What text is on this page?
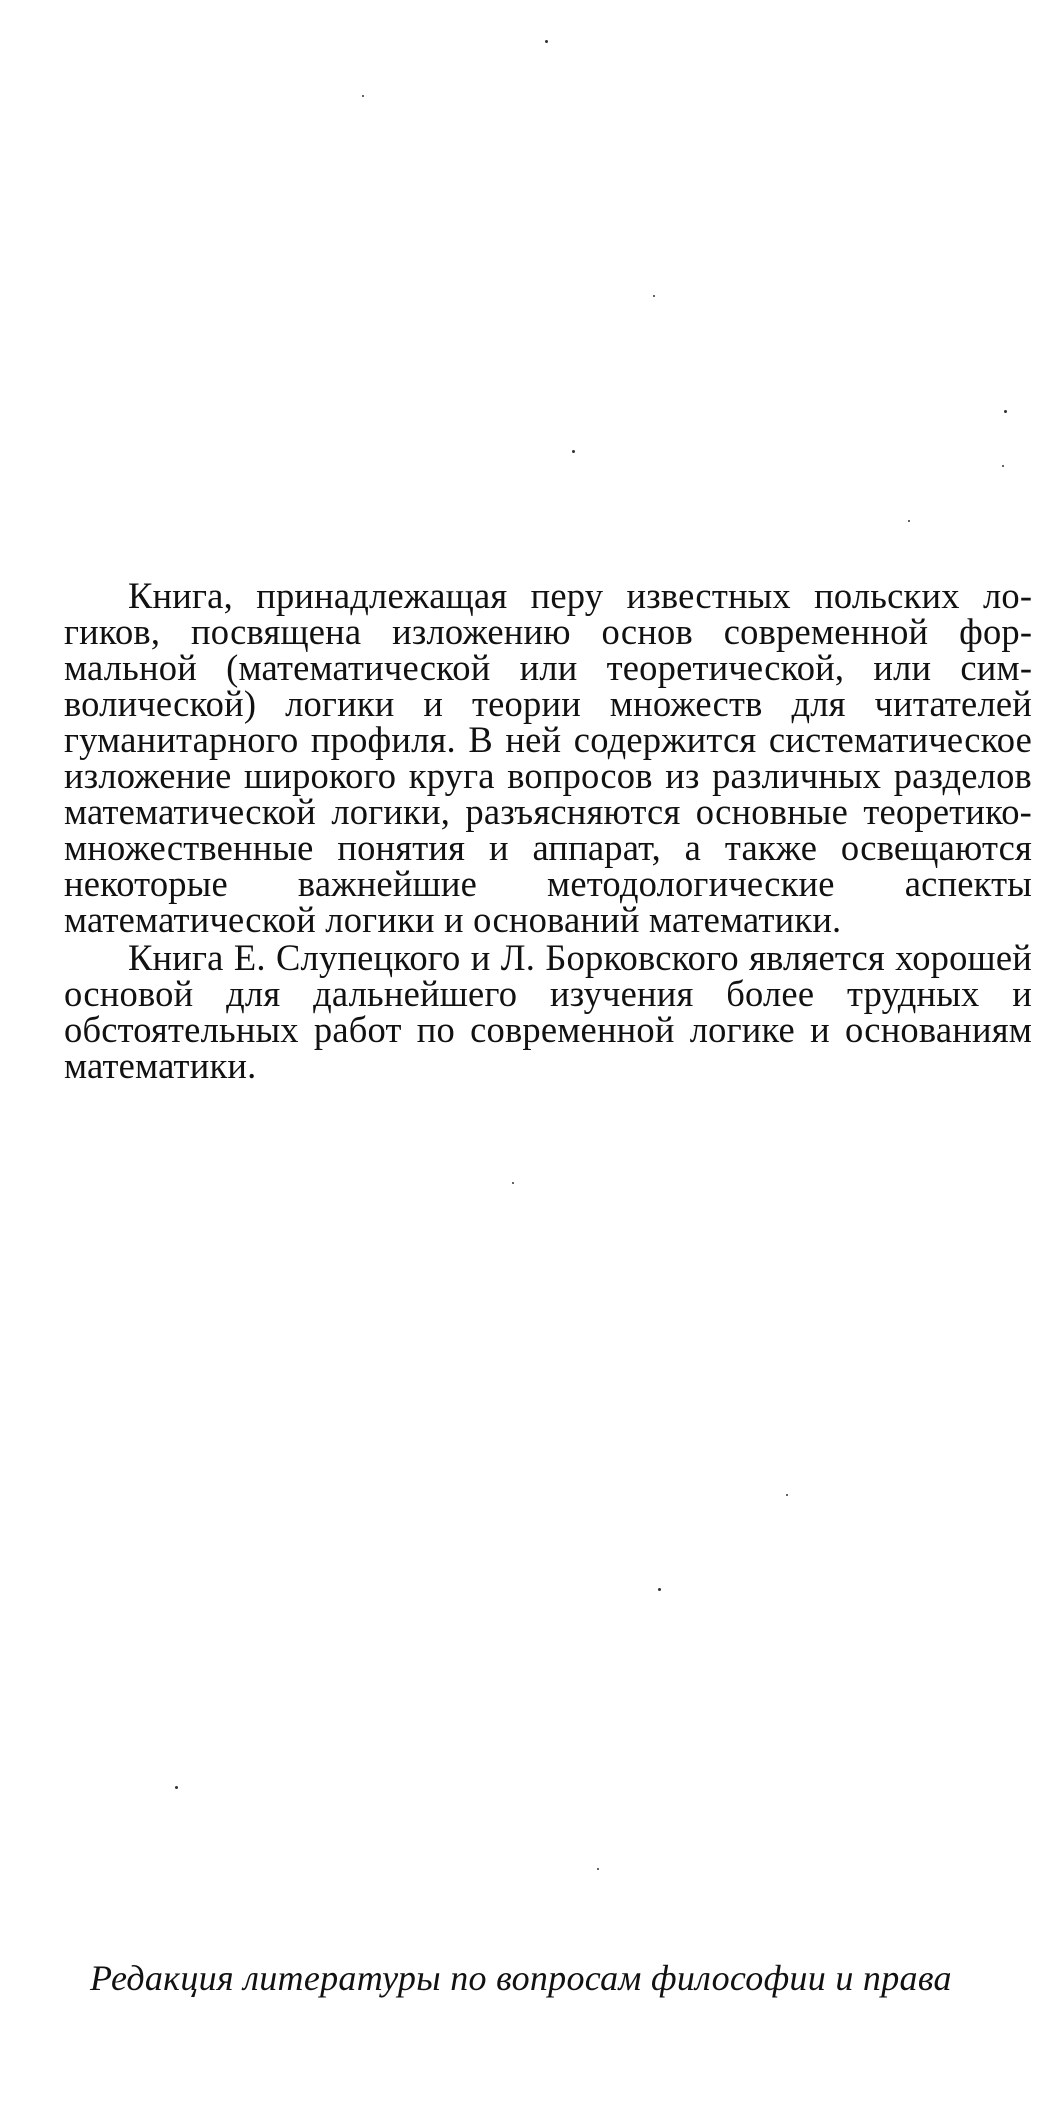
Книга, принадлежащая перу известных польских логиков, посвящена изложению основ современной формальной (математической или теоретической, или символической) логики и теории множеств для читателей гуманитарного профиля. В ней содержится систематическое изложение широкого круга вопросов из различных разделов математической логики, разъясняются основные теоретико-множественные понятия и аппарат, а также освещаются некоторые важнейшие методологические аспекты математической логики и оснований математики.

Книга Е. Слупецкого и Л. Борковского является хорошей основой для дальнейшего изучения более трудных и обстоятельных работ по современной логике и основаниям математики.

Редакция литературы по вопросам философии и права
